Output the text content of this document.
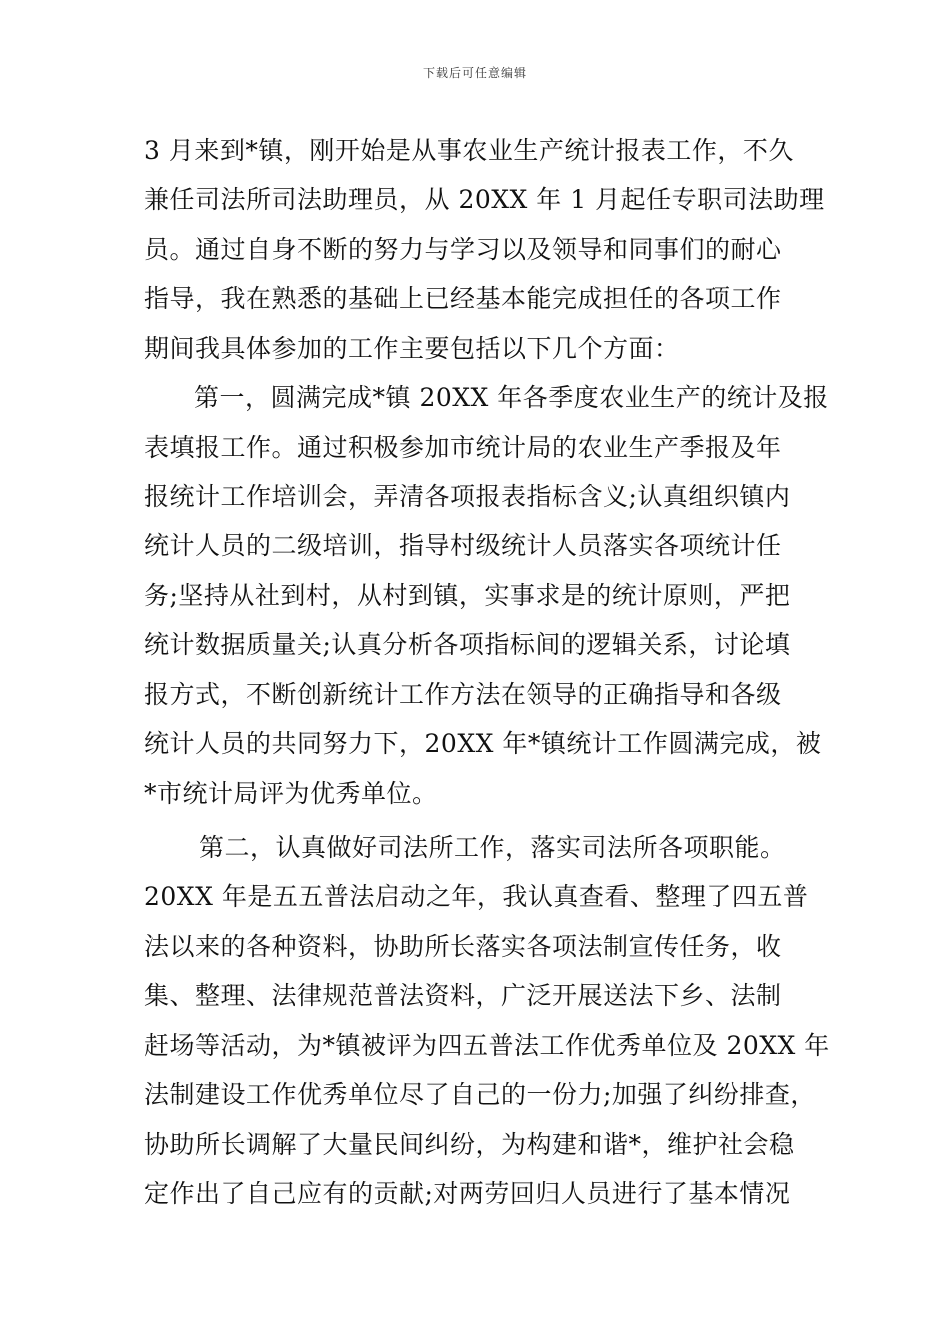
下载后可任意编辑
3 月来到*镇，刚开始是从事农业生产统计报表工作，不久
兼任司法所司法助理员，从 20XX 年 1 月起任专职司法助理
员。通过自身不断的努力与学习以及领导和同事们的耐心
指导，我在熟悉的基础上已经基本能完成担任的各项工作
期间我具体参加的工作主要包括以下几个方面：
第一，圆满完成*镇 20XX 年各季度农业生产的统计及报
表填报工作。通过积极参加市统计局的农业生产季报及年
报统计工作培训会，弄清各项报表指标含义;认真组织镇内
统计人员的二级培训，指导村级统计人员落实各项统计任
务;坚持从社到村，从村到镇，实事求是的统计原则，严把
统计数据质量关;认真分析各项指标间的逻辑关系，讨论填
报方式，不断创新统计工作方法在领导的正确指导和各级
统计人员的共同努力下，20XX 年*镇统计工作圆满完成，被
*市统计局评为优秀单位。
第二，认真做好司法所工作，落实司法所各项职能。
20XX 年是五五普法启动之年，我认真查看、整理了四五普
法以来的各种资料，协助所长落实各项法制宣传任务，收
集、整理、法律规范普法资料，广泛开展送法下乡、法制
赶场等活动，为*镇被评为四五普法工作优秀单位及 20XX 年
法制建设工作优秀单位尽了自己的一份力;加强了纠纷排查，
协助所长调解了大量民间纠纷，为构建和谐*，维护社会稳
定作出了自己应有的贡献;对两劳回归人员进行了基本情况
